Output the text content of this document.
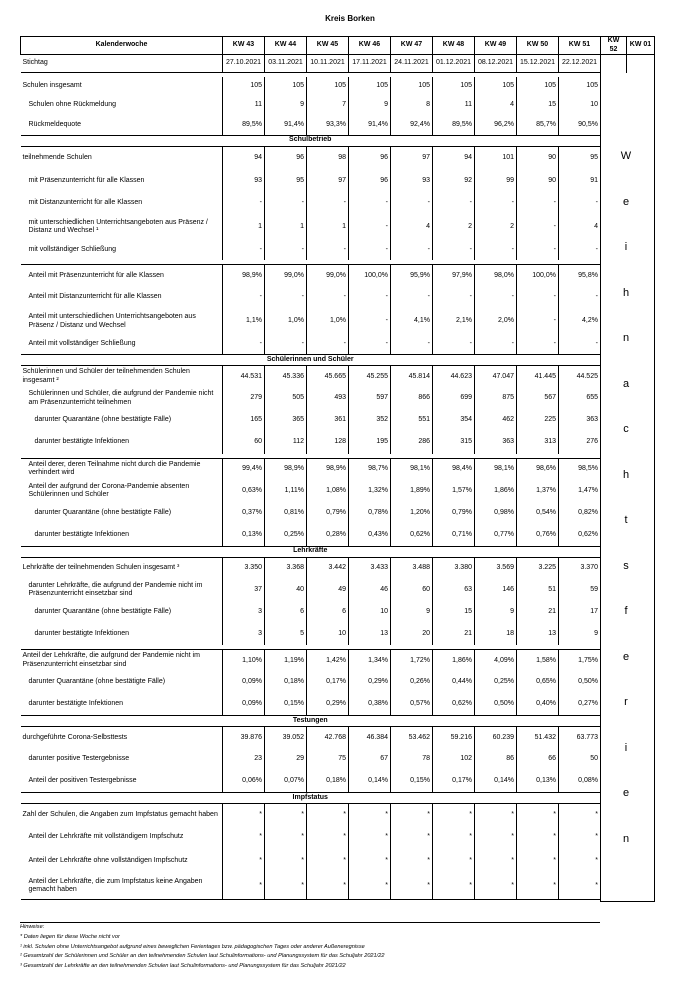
Kreis Borken
Kalenderwoche	KW 43	KW 44	KW 45	KW 46	KW 47	KW 48	KW 49	KW 50	KW 51	KW 52	KW 01
Stichtag	27.10.2021	03.11.2021	10.11.2021	17.11.2021	24.11.2021	01.12.2021	08.12.2021	15.12.2021	22.12.2021		

Schulen insgesamt	105	105	105	105	105	105	105	105	105		
Schulen ohne Rückmeldung	11	9	7	9	8	11	4	15	10		
Rückmeldequote	89,5%	91,4%	93,3%	91,4%	92,4%	89,5%	96,2%	85,7%	90,5%		
Schulbetrieb											
teilnehmende Schulen	94	96	98	96	97	94	101	90	95		
mit Präsenzunterricht für alle Klassen	93	95	97	96	93	92	99	90	91		
mit Distanzunterricht für alle Klassen	-	-	-	-	-	-	-	-	-		
mit unterschiedlichen Unterrichtsangeboten aus Präsenz / Distanz und Wechsel ¹	1	1	1	-	4	2	2	-	4		
mit vollständiger Schließung	-	-	-	-	-	-	-	-	-		

Anteil mit Präsenzunterricht für alle Klassen	98,9%	99,0%	99,0%	100,0%	95,9%	97,9%	98,0%	100,0%	95,8%		
Anteil mit Distanzunterricht für alle Klassen	-	-	-	-	-	-	-	-	-		
Anteil mit unterschiedlichen Unterrichtsangeboten aus Präsenz / Distanz und Wechsel	1,1%	1,0%	1,0%	-	4,1%	2,1%	2,0%	-	4,2%		
Anteil mit vollständiger Schließung	-	-	-	-	-	-	-	-	-		
Schülerinnen und Schüler											
Schülerinnen und Schüler der teilnehmenden Schulen insgesamt ²	44.531	45.336	45.665	45.255	45.814	44.623	47.047	41.445	44.525		
Schülerinnen und Schüler, die aufgrund der Pandemie nicht am Präsenzunterricht teilnehmen	279	505	493	597	866	699	875	567	655		
darunter Quarantäne (ohne bestätigte Fälle)	165	365	361	352	551	354	462	225	363		
darunter bestätigte Infektionen	60	112	128	195	286	315	363	313	276		

Anteil derer, deren Teilnahme nicht durch die Pandemie verhindert wird	99,4%	98,9%	98,9%	98,7%	98,1%	98,4%	98,1%	98,6%	98,5%		
Anteil der aufgrund der Corona-Pandemie absenten Schülerinnen und Schüler	0,63%	1,11%	1,08%	1,32%	1,89%	1,57%	1,86%	1,37%	1,47%		
darunter Quarantäne (ohne bestätigte Fälle)	0,37%	0,81%	0,79%	0,78%	1,20%	0,79%	0,98%	0,54%	0,82%		
darunter bestätigte Infektionen	0,13%	0,25%	0,28%	0,43%	0,62%	0,71%	0,77%	0,76%	0,62%		
Lehrkräfte											
Lehrkräfte der teilnehmenden Schulen insgesamt ³	3.350	3.368	3.442	3.433	3.488	3.380	3.569	3.225	3.370		
darunter Lehrkräfte, die aufgrund der Pandemie nicht im Präsenzunterricht einsetzbar sind	37	40	49	46	60	63	146	51	59		
darunter Quarantäne (ohne bestätigte Fälle)	3	6	6	10	9	15	9	21	17		
darunter bestätigte Infektionen	3	5	10	13	20	21	18	13	9		

Anteil der Lehrkräfte, die aufgrund der Pandemie nicht im Präsenzunterricht einsetzbar sind	1,10%	1,19%	1,42%	1,34%	1,72%	1,86%	4,09%	1,58%	1,75%		
darunter Quarantäne (ohne bestätigte Fälle)	0,09%	0,18%	0,17%	0,29%	0,26%	0,44%	0,25%	0,65%	0,50%		
darunter bestätigte Infektionen	0,09%	0,15%	0,29%	0,38%	0,57%	0,62%	0,50%	0,40%	0,27%		
Testungen											
durchgeführte Corona-Selbsttests	39.876	39.052	42.768	46.384	53.462	59.216	60.239	51.432	63.773		
darunter positive Testergebnisse	23	29	75	67	78	102	86	66	50		
Anteil der positiven Testergebnisse	0,06%	0,07%	0,18%	0,14%	0,15%	0,17%	0,14%	0,13%	0,08%		
Impfstatus											
Zahl der Schulen, die Angaben zum Impfstatus gemacht haben	*	*	*	*	*	*	*	*	*		
Anteil der Lehrkräfte mit vollständigem Impfschutz	*	*	*	*	*	*	*	*	*		
Anteil der Lehrkräfte ohne vollständigen Impfschutz	*	*	*	*	*	*	*	*	*		
Anteil der Lehrkräfte, die zum Impfstatus keine Angaben gemacht haben	*	*	*	*	*	*	*	*	*		

W
e
i
h
n
a
c
h
t
s
f
e
r
i
e
n
Hinweise:
* Daten liegen für diese Woche nicht vor
¹ inkl. Schulen ohne Unterrichtsangebot aufgrund eines beweglichen Ferientages bzw. pädagogischen Tages oder anderer Außeneregnisse
² Gesamtzahl der Schülerinnen und Schüler an den teilnehmenden Schulen laut Schulinformations- und Planungssystem für das Schuljahr 2021/22
³ Gesamtzahl der Lehrkräfte an den teilnehmenden Schulen laut Schulinformations- und Planungssystem für das Schuljahr 2021/22
